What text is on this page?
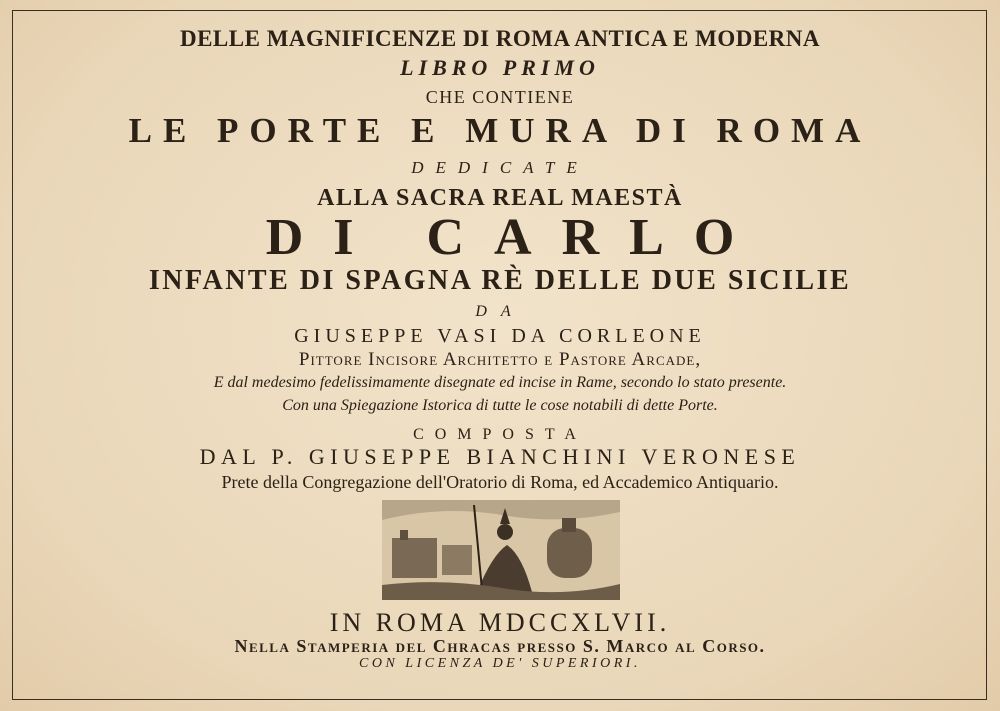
DELLE MAGNIFICENZE DI ROMA ANTICA E MODERNA
LIBRO PRIMO
CHE CONTIENE
LE PORTE E MURA DI ROMA
DEDICATE
ALLA SACRA REAL MAESTÀ
DI CARLO
INFANTE DI SPAGNA RÈ DELLE DUE SICILIE
DA
GIUSEPPE VASI DA CORLEONE
Pittore Incisore Architetto e Pastore Arcade,
E dal medesimo fedelissimamente disegnate ed incise in Rame, secondo lo stato presente.
Con una Spiegazione Istorica di tutte le cose notabili di dette Porte.
COMPOSTA
DAL P. GIUSEPPE BIANCHINI VERONESE
Prete della Congregazione dell'Oratorio di Roma, ed Accademico Antiquario.
IN ROMA MDCCXLVII.
Nella Stamperia del Chracas presso S. Marco al Corso.
CON LICENZA DE' SUPERIORI.
